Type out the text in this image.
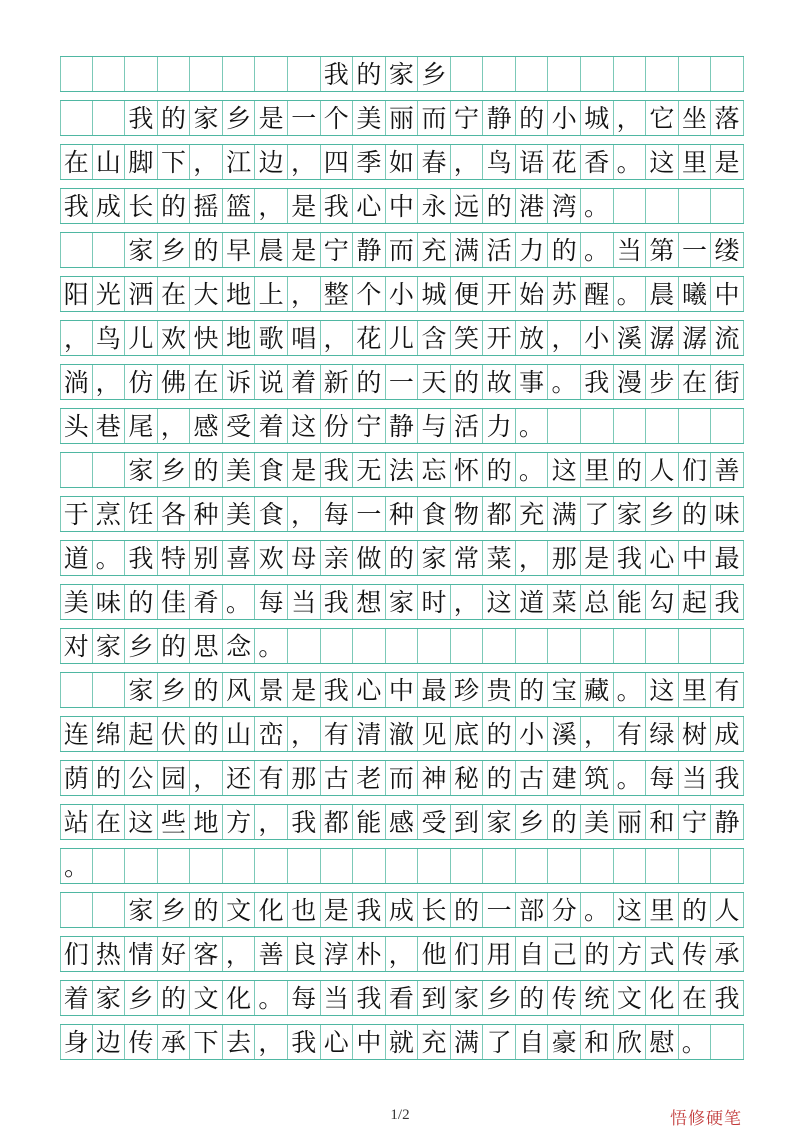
我 的 家 乡
我 的 家 乡 是 一 个 美 丽 而 宁 静 的 小 城 ， 它 坐 落
在 山 脚 下 ， 江 边 ， 四 季 如 春 ， 鸟 语 花 香 。 这 里 是
我 成 长 的 摇 篮 ， 是 我 心 中 永 远 的 港 湾 。
家 乡 的 早 晨 是 宁 静 而 充 满 活 力 的 。 当 第 一 缕
阳 光 洒 在 大 地 上 ， 整 个 小 城 便 开 始 苏 醒 。 晨 曦 中
， 鸟 儿 欢 快 地 歌 唱 ， 花 儿 含 笑 开 放 ， 小 溪 潺 潺 流
淌 ， 仿 佛 在 诉 说 着 新 的 一 天 的 故 事 。 我 漫 步 在 街
头 巷 尾 ， 感 受 着 这 份 宁 静 与 活 力 。
家 乡 的 美 食 是 我 无 法 忘 怀 的 。 这 里 的 人 们 善
于 烹 饪 各 种 美 食 ， 每 一 种 食 物 都 充 满 了 家 乡 的 味
道 。 我 特 别 喜 欢 母 亲 做 的 家 常 菜 ， 那 是 我 心 中 最
美 味 的 佳 肴 。 每 当 我 想 家 时 ， 这 道 菜 总 能 勾 起 我
对 家 乡 的 思 念 。
家 乡 的 风 景 是 我 心 中 最 珍 贵 的 宝 藏 。 这 里 有
连 绵 起 伏 的 山 峦 ， 有 清 澈 见 底 的 小 溪 ， 有 绿 树 成
荫 的 公 园 ， 还 有 那 古 老 而 神 秘 的 古 建 筑 。 每 当 我
站 在 这 些 地 方 ， 我 都 能 感 受 到 家 乡 的 美 丽 和 宁 静
。
家 乡 的 文 化 也 是 我 成 长 的 一 部 分 。 这 里 的 人
们 热 情 好 客 ， 善 良 淳 朴 ， 他 们 用 自 己 的 方 式 传 承
着 家 乡 的 文 化 。 每 当 我 看 到 家 乡 的 传 统 文 化 在 我
身 边 传 承 下 去 ， 我 心 中 就 充 满 了 自 豪 和 欣 慰 。
1/2	悟修硬笔
